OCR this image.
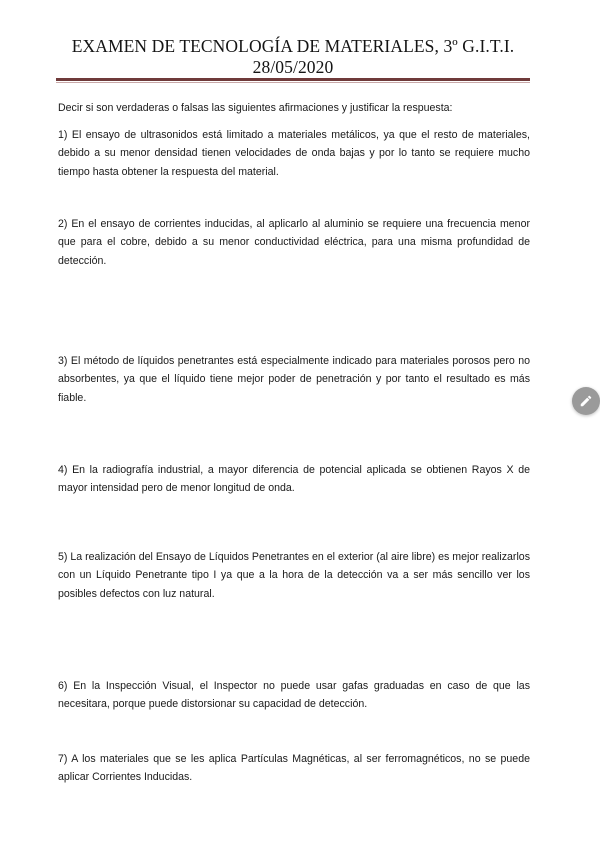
EXAMEN DE TECNOLOGÍA DE MATERIALES, 3º G.I.T.I.
28/05/2020
Decir si son verdaderas o falsas las siguientes afirmaciones y justificar la respuesta:
1) El ensayo de ultrasonidos está limitado a materiales metálicos, ya que el resto de materiales, debido a su menor densidad tienen velocidades de onda bajas y por lo tanto se requiere mucho tiempo hasta obtener la respuesta del material.
2) En el ensayo de corrientes inducidas, al aplicarlo al aluminio se requiere una frecuencia menor que para el cobre, debido a su menor conductividad eléctrica, para una misma profundidad de detección.
3) El método de líquidos penetrantes está especialmente indicado para materiales porosos pero no absorbentes, ya que el líquido tiene mejor poder de penetración y por tanto el resultado es más fiable.
4) En la radiografía industrial, a mayor diferencia de potencial aplicada se obtienen Rayos X de mayor intensidad pero de menor longitud de onda.
5) La realización del Ensayo de Líquidos Penetrantes en el exterior (al aire libre) es mejor realizarlos con un Líquido Penetrante tipo I ya que a la hora de la detección va a ser más sencillo ver los posibles defectos con luz natural.
6) En la Inspección Visual, el Inspector no puede usar gafas graduadas en caso de que las necesitara, porque puede distorsionar su capacidad de detección.
7) A los materiales que se les aplica Partículas Magnéticas, al ser ferromagnéticos, no se puede aplicar Corrientes Inducidas.
